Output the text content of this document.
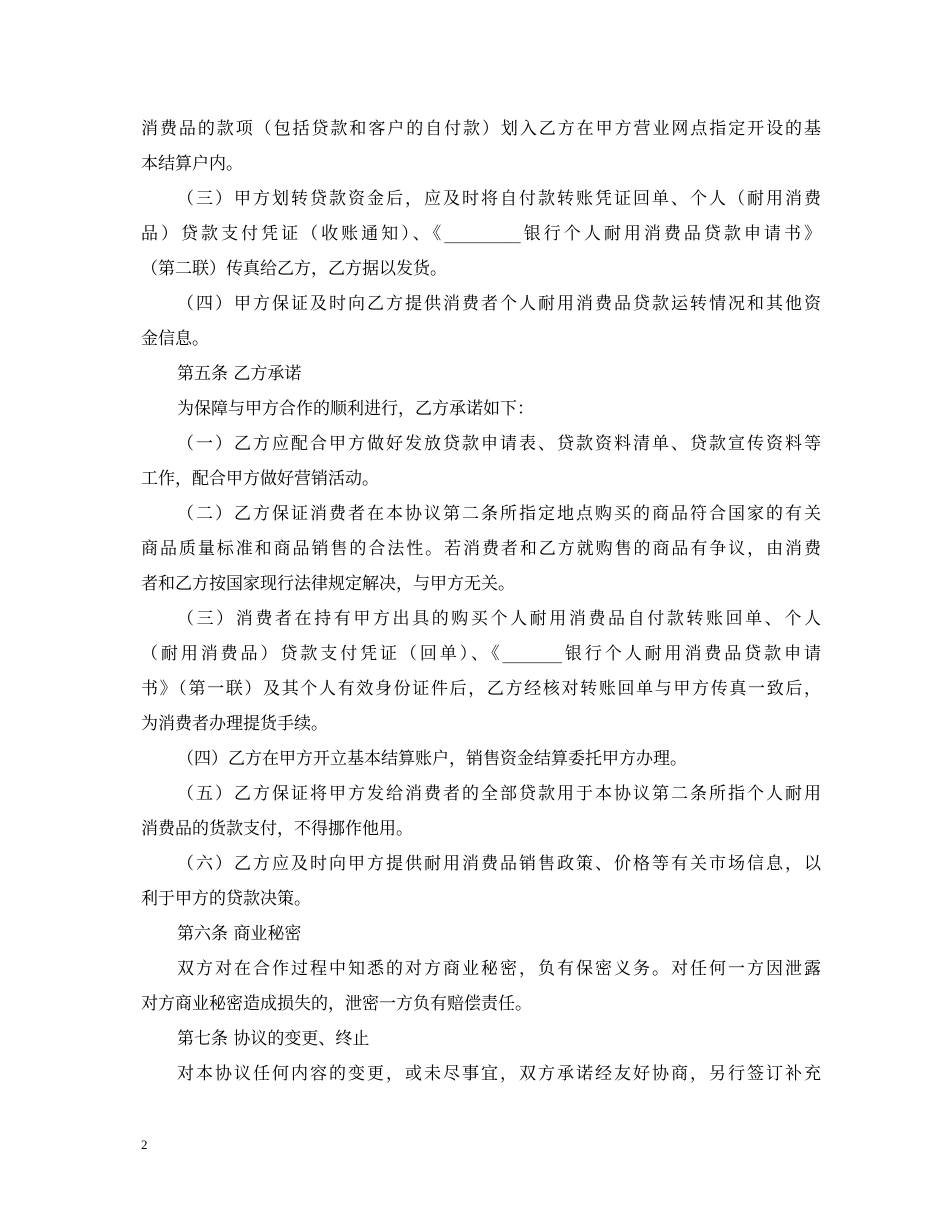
消费品的款项（包括贷款和客户的自付款）划入乙方在甲方营业网点指定开设的基
本结算户内。
（三）甲方划转贷款资金后，应及时将自付款转账凭证回单、个人（耐用消费
品）贷款支付凭证（收账通知）、《_________银行个人耐用消费品贷款申请书》
（第二联）传真给乙方，乙方据以发货。
（四）甲方保证及时向乙方提供消费者个人耐用消费品贷款运转情况和其他资
金信息。
第五条 乙方承诺
为保障与甲方合作的顺利进行，乙方承诺如下：
（一）乙方应配合甲方做好发放贷款申请表、贷款资料清单、贷款宣传资料等
工作，配合甲方做好营销活动。
（二）乙方保证消费者在本协议第二条所指定地点购买的商品符合国家的有关
商品质量标准和商品销售的合法性。若消费者和乙方就购售的商品有争议，由消费
者和乙方按国家现行法律规定解决，与甲方无关。
（三）消费者在持有甲方出具的购买个人耐用消费品自付款转账回单、个人
（耐用消费品）贷款支付凭证（回单）、《_______银行个人耐用消费品贷款申请
书》（第一联）及其个人有效身份证件后，乙方经核对转账回单与甲方传真一致后，
为消费者办理提货手续。
（四）乙方在甲方开立基本结算账户，销售资金结算委托甲方办理。
（五）乙方保证将甲方发给消费者的全部贷款用于本协议第二条所指个人耐用
消费品的货款支付，不得挪作他用。
（六）乙方应及时向甲方提供耐用消费品销售政策、价格等有关市场信息，以
利于甲方的贷款决策。
第六条 商业秘密
双方对在合作过程中知悉的对方商业秘密，负有保密义务。对任何一方因泄露
对方商业秘密造成损失的，泄密一方负有赔偿责任。
第七条 协议的变更、终止
对本协议任何内容的变更，或未尽事宜，双方承诺经友好协商，另行签订补充
2
